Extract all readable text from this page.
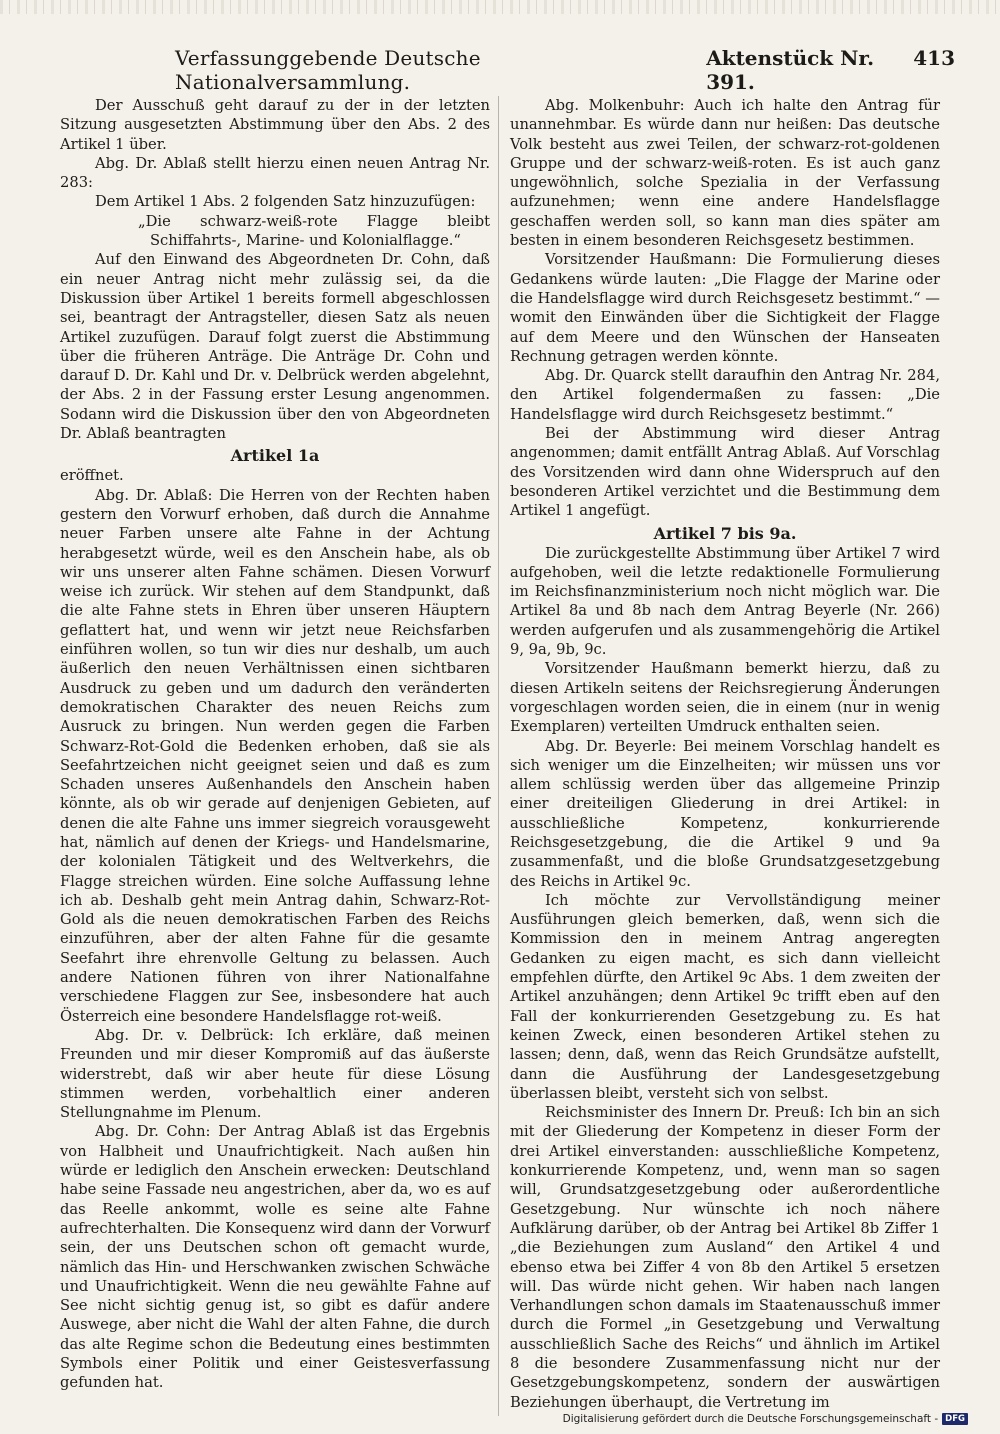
Verfassunggebende Deutsche Nationalversammlung.
Aktenstück Nr. 391.
413

Der Ausschuß geht darauf zu der in der letzten Sitzung ausgesetzten Abstimmung über den Abs. 2 des Artikel 1 über.

Abg. Dr. Ablaß stellt hierzu einen neuen Antrag Nr. 283:

Dem Artikel 1 Abs. 2 folgenden Satz hinzuzufügen:

„Die schwarz-weiß-rote Flagge bleibt Schiffahrts-, Marine- und Kolonialflagge.“

Auf den Einwand des Abgeordneten Dr. Cohn, daß ein neuer Antrag nicht mehr zulässig sei, da die Diskussion über Artikel 1 bereits formell abgeschlossen sei, beantragt der Antragsteller, diesen Satz als neuen Artikel zuzufügen. Darauf folgt zuerst die Abstimmung über die früheren Anträge. Die Anträge Dr. Cohn und darauf D. Dr. Kahl und Dr. v. Delbrück werden abgelehnt, der Abs. 2 in der Fassung erster Lesung angenommen. Sodann wird die Diskussion über den von Abgeordneten Dr. Ablaß beantragten

Artikel 1a

eröffnet.

Abg. Dr. Ablaß: Die Herren von der Rechten haben gestern den Vorwurf erhoben, daß durch die Annahme neuer Farben unsere alte Fahne in der Achtung herabgesetzt würde, weil es den Anschein habe, als ob wir uns unserer alten Fahne schämen. Diesen Vorwurf weise ich zurück. Wir stehen auf dem Standpunkt, daß die alte Fahne stets in Ehren über unseren Häuptern geflattert hat, und wenn wir jetzt neue Reichsfarben einführen wollen, so tun wir dies nur deshalb, um auch äußerlich den neuen Verhältnissen einen sichtbaren Ausdruck zu geben und um dadurch den veränderten demokratischen Charakter des neuen Reichs zum Ausruck zu bringen. Nun werden gegen die Farben Schwarz-Rot-Gold die Bedenken erhoben, daß sie als Seefahrtzeichen nicht geeignet seien und daß es zum Schaden unseres Außenhandels den Anschein haben könnte, als ob wir gerade auf denjenigen Gebieten, auf denen die alte Fahne uns immer siegreich vorausgeweht hat, nämlich auf denen der Kriegs- und Handelsmarine, der kolonialen Tätigkeit und des Weltverkehrs, die Flagge streichen würden. Eine solche Auffassung lehne ich ab. Deshalb geht mein Antrag dahin, Schwarz-Rot-Gold als die neuen demokratischen Farben des Reichs einzuführen, aber der alten Fahne für die gesamte Seefahrt ihre ehrenvolle Geltung zu belassen. Auch andere Nationen führen von ihrer Nationalfahne verschiedene Flaggen zur See, insbesondere hat auch Österreich eine besondere Handelsflagge rot-weiß.

Abg. Dr. v. Delbrück: Ich erkläre, daß meinen Freunden und mir dieser Kompromiß auf das äußerste widerstrebt, daß wir aber heute für diese Lösung stimmen werden, vorbehaltlich einer anderen Stellungnahme im Plenum.

Abg. Dr. Cohn: Der Antrag Ablaß ist das Ergebnis von Halbheit und Unaufrichtigkeit. Nach außen hin würde er lediglich den Anschein erwecken: Deutschland habe seine Fassade neu angestrichen, aber da, wo es auf das Reelle ankommt, wolle es seine alte Fahne aufrechterhalten. Die Konsequenz wird dann der Vorwurf sein, der uns Deutschen schon oft gemacht wurde, nämlich das Hin- und Herschwanken zwischen Schwäche und Unaufrichtigkeit. Wenn die neu gewählte Fahne auf See nicht sichtig genug ist, so gibt es dafür andere Auswege, aber nicht die Wahl der alten Fahne, die durch das alte Regime schon die Bedeutung eines bestimmten Symbols einer Politik und einer Geistesverfassung gefunden hat.

Abg. Molkenbuhr: Auch ich halte den Antrag für unannehmbar. Es würde dann nur heißen: Das deutsche Volk besteht aus zwei Teilen, der schwarz-rot-goldenen Gruppe und der schwarz-weiß-roten. Es ist auch ganz ungewöhnlich, solche Spezialia in der Verfassung aufzunehmen; wenn eine andere Handelsflagge geschaffen werden soll, so kann man dies später am besten in einem besonderen Reichsgesetz bestimmen.

Vorsitzender Haußmann: Die Formulierung dieses Gedankens würde lauten: „Die Flagge der Marine oder die Handelsflagge wird durch Reichsgesetz bestimmt.“ — womit den Einwänden über die Sichtigkeit der Flagge auf dem Meere und den Wünschen der Hanseaten Rechnung getragen werden könnte.

Abg. Dr. Quarck stellt daraufhin den Antrag Nr. 284, den Artikel folgendermaßen zu fassen: „Die Handelsflagge wird durch Reichsgesetz bestimmt.“

Bei der Abstimmung wird dieser Antrag angenommen; damit entfällt Antrag Ablaß. Auf Vorschlag des Vorsitzenden wird dann ohne Widerspruch auf den besonderen Artikel verzichtet und die Bestimmung dem Artikel 1 angefügt.

Artikel 7 bis 9a.

Die zurückgestellte Abstimmung über Artikel 7 wird aufgehoben, weil die letzte redaktionelle Formulierung im Reichsfinanzministerium noch nicht möglich war. Die Artikel 8a und 8b nach dem Antrag Beyerle (Nr. 266) werden aufgerufen und als zusammengehörig die Artikel 9, 9a, 9b, 9c.

Vorsitzender Haußmann bemerkt hierzu, daß zu diesen Artikeln seitens der Reichsregierung Änderungen vorgeschlagen worden seien, die in einem (nur in wenig Exemplaren) verteilten Umdruck enthalten seien.

Abg. Dr. Beyerle: Bei meinem Vorschlag handelt es sich weniger um die Einzelheiten; wir müssen uns vor allem schlüssig werden über das allgemeine Prinzip einer dreiteiligen Gliederung in drei Artikel: in ausschließliche Kompetenz, konkurrierende Reichsgesetzgebung, die die Artikel 9 und 9a zusammenfaßt, und die bloße Grundsatzgesetzgebung des Reichs in Artikel 9c.

Ich möchte zur Vervollständigung meiner Ausführungen gleich bemerken, daß, wenn sich die Kommission den in meinem Antrag angeregten Gedanken zu eigen macht, es sich dann vielleicht empfehlen dürfte, den Artikel 9c Abs. 1 dem zweiten der Artikel anzuhängen; denn Artikel 9c trifft eben auf den Fall der konkurrierenden Gesetzgebung zu. Es hat keinen Zweck, einen besonderen Artikel stehen zu lassen; denn, daß, wenn das Reich Grundsätze aufstellt, dann die Ausführung der Landesgesetzgebung überlassen bleibt, versteht sich von selbst.

Reichsminister des Innern Dr. Preuß: Ich bin an sich mit der Gliederung der Kompetenz in dieser Form der drei Artikel einverstanden: ausschließliche Kompetenz, konkurrierende Kompetenz, und, wenn man so sagen will, Grundsatzgesetzgebung oder außerordentliche Gesetzgebung. Nur wünschte ich noch nähere Aufklärung darüber, ob der Antrag bei Artikel 8b Ziffer 1 „die Beziehungen zum Ausland“ den Artikel 4 und ebenso etwa bei Ziffer 4 von 8b den Artikel 5 ersetzen will. Das würde nicht gehen. Wir haben nach langen Verhandlungen schon damals im Staatenausschuß immer durch die Formel „in Gesetzgebung und Verwaltung ausschließlich Sache des Reichs“ und ähnlich im Artikel 8 die besondere Zusammenfassung nicht nur der Gesetzgebungskompetenz, sondern der auswärtigen Beziehungen überhaupt, die Vertretung im

Digitalisierung gefördert durch die Deutsche Forschungsgemeinschaft - DFG
